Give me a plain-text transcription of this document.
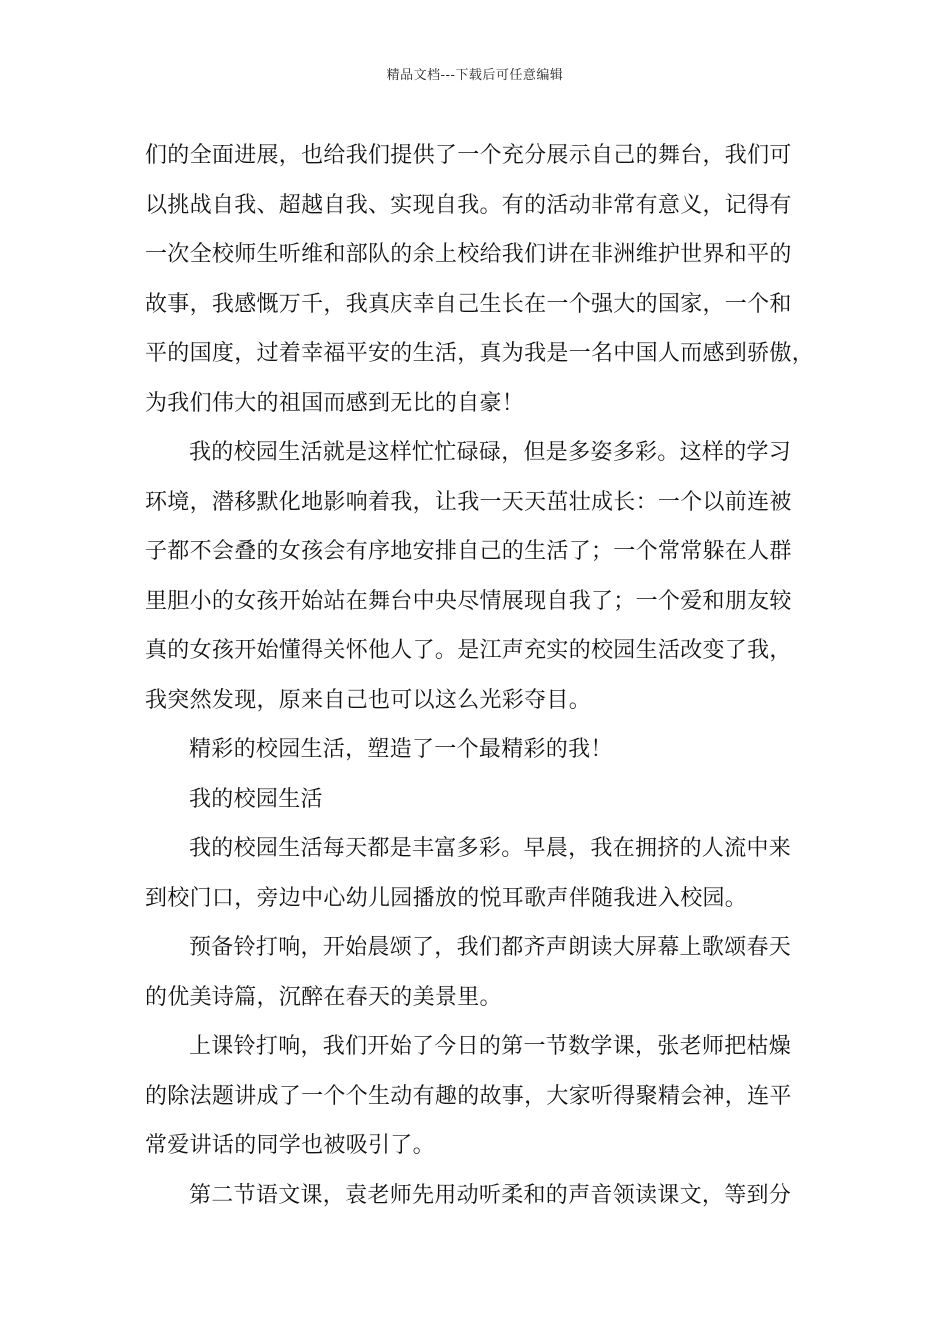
精品文档---下载后可任意编辑
们的全面进展，也给我们提供了一个充分展示自己的舞台，我们可
以挑战自我、超越自我、实现自我。有的活动非常有意义，记得有
一次全校师生听维和部队的余上校给我们讲在非洲维护世界和平的
故事，我感慨万千，我真庆幸自己生长在一个强大的国家，一个和
平的国度，过着幸福平安的生活，真为我是一名中国人而感到骄傲，
为我们伟大的祖国而感到无比的自豪！
我的校园生活就是这样忙忙碌碌，但是多姿多彩。这样的学习
环境，潜移默化地影响着我，让我一天天茁壮成长：一个以前连被
子都不会叠的女孩会有序地安排自己的生活了；一个常常躲在人群
里胆小的女孩开始站在舞台中央尽情展现自我了；一个爱和朋友较
真的女孩开始懂得关怀他人了。是江声充实的校园生活改变了我，
我突然发现，原来自己也可以这么光彩夺目。
精彩的校园生活，塑造了一个最精彩的我！
我的校园生活
我的校园生活每天都是丰富多彩。早晨，我在拥挤的人流中来
到校门口，旁边中心幼儿园播放的悦耳歌声伴随我进入校园。
预备铃打响，开始晨颂了，我们都齐声朗读大屏幕上歌颂春天
的优美诗篇，沉醉在春天的美景里。
上课铃打响，我们开始了今日的第一节数学课，张老师把枯燥
的除法题讲成了一个个生动有趣的故事，大家听得聚精会神，连平
常爱讲话的同学也被吸引了。
第二节语文课，袁老师先用动听柔和的声音领读课文，等到分
